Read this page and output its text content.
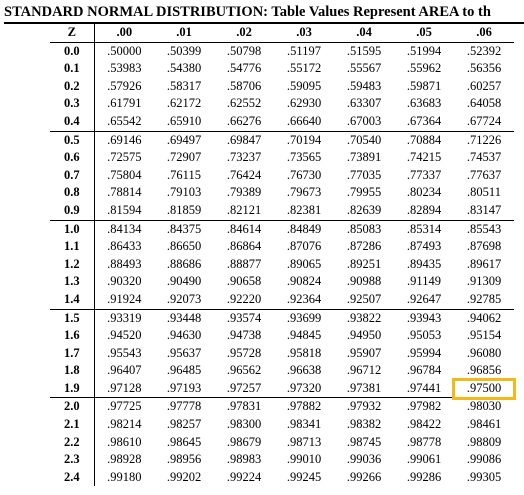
STANDARD NORMAL DISTRIBUTION: Table Values Represent AREA to th
Z	.00	.01	.02	.03	.04	.05	.06
0.0	.50000	.50399	.50798	.51197	.51595	.51994	.52392
0.1	.53983	.54380	.54776	.55172	.55567	.55962	.56356
0.2	.57926	.58317	.58706	.59095	.59483	.59871	.60257
0.3	.61791	.62172	.62552	.62930	.63307	.63683	.64058
0.4	.65542	.65910	.66276	.66640	.67003	.67364	.67724
0.5	.69146	.69497	.69847	.70194	.70540	.70884	.71226
0.6	.72575	.72907	.73237	.73565	.73891	.74215	.74537
0.7	.75804	.76115	.76424	.76730	.77035	.77337	.77637
0.8	.78814	.79103	.79389	.79673	.79955	.80234	.80511
0.9	.81594	.81859	.82121	.82381	.82639	.82894	.83147
1.0	.84134	.84375	.84614	.84849	.85083	.85314	.85543
1.1	.86433	.86650	.86864	.87076	.87286	.87493	.87698
1.2	.88493	.88686	.88877	.89065	.89251	.89435	.89617
1.3	.90320	.90490	.90658	.90824	.90988	.91149	.91309
1.4	.91924	.92073	.92220	.92364	.92507	.92647	.92785
1.5	.93319	.93448	.93574	.93699	.93822	.93943	.94062
1.6	.94520	.94630	.94738	.94845	.94950	.95053	.95154
1.7	.95543	.95637	.95728	.95818	.95907	.95994	.96080
1.8	.96407	.96485	.96562	.96638	.96712	.96784	.96856
1.9	.97128	.97193	.97257	.97320	.97381	.97441	.97500
2.0	.97725	.97778	.97831	.97882	.97932	.97982	.98030
2.1	.98214	.98257	.98300	.98341	.98382	.98422	.98461
2.2	.98610	.98645	.98679	.98713	.98745	.98778	.98809
2.3	.98928	.98956	.98983	.99010	.99036	.99061	.99086
2.4	.99180	.99202	.99224	.99245	.99266	.99286	.99305
